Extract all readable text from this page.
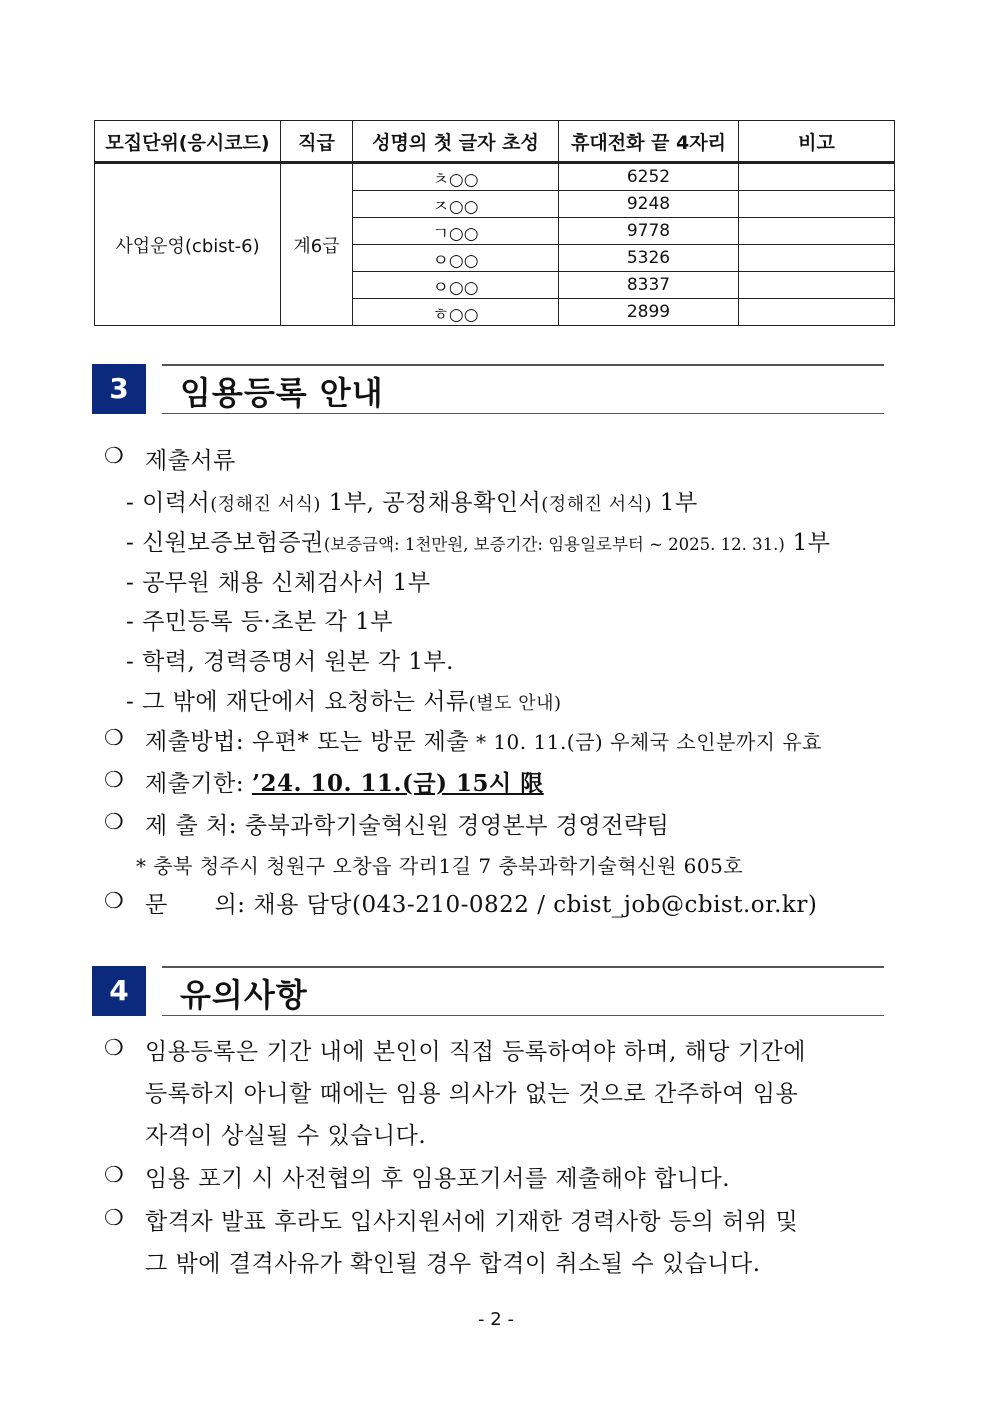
모집단위(응시코드)	직급	성명의 첫 글자 초성	휴대전화 끝 4자리	비고
사업운영(cbist-6)	계6급	ㅊ○○	6252	
		ㅈ○○	9248	
		ㄱ○○	9778	
		ㅇ○○	5326	
		ㅇ○○	8337	
		ㅎ○○	2899	
3	임용등록 안내
❍ 제출서류
- 이력서(정해진 서식) 1부, 공정채용확인서(정해진 서식) 1부
- 신원보증보험증권(보증금액: 1천만원, 보증기간: 임용일로부터 ~ 2025. 12. 31.) 1부
- 공무원 채용 신체검사서 1부
- 주민등록 등·초본 각 1부
- 학력, 경력증명서 원본 각 1부.
- 그 밖에 재단에서 요청하는 서류(별도 안내)
❍ 제출방법: 우편* 또는 방문 제출 * 10. 11.(금) 우체국 소인분까지 유효
❍ 제출기한: ’24. 10. 11.(금) 15시 限
❍ 제 출 처: 충북과학기술혁신원 경영본부 경영전략팀
* 충북 청주시 청원구 오창읍 각리1길 7 충북과학기술혁신원 605호
❍ 문      의: 채용 담당(043-210-0822 / cbist_job@cbist.or.kr)
4	유의사항
❍ 임용등록은 기간 내에 본인이 직접 등록하여야 하며, 해당 기간에
등록하지 아니할 때에는 임용 의사가 없는 것으로 간주하여 임용
자격이 상실될 수 있습니다.
❍ 임용 포기 시 사전협의 후 임용포기서를 제출해야 합니다.
❍ 합격자 발표 후라도 입사지원서에 기재한 경력사항 등의 허위 및
그 밖에 결격사유가 확인될 경우 합격이 취소될 수 있습니다.
- 2 -
